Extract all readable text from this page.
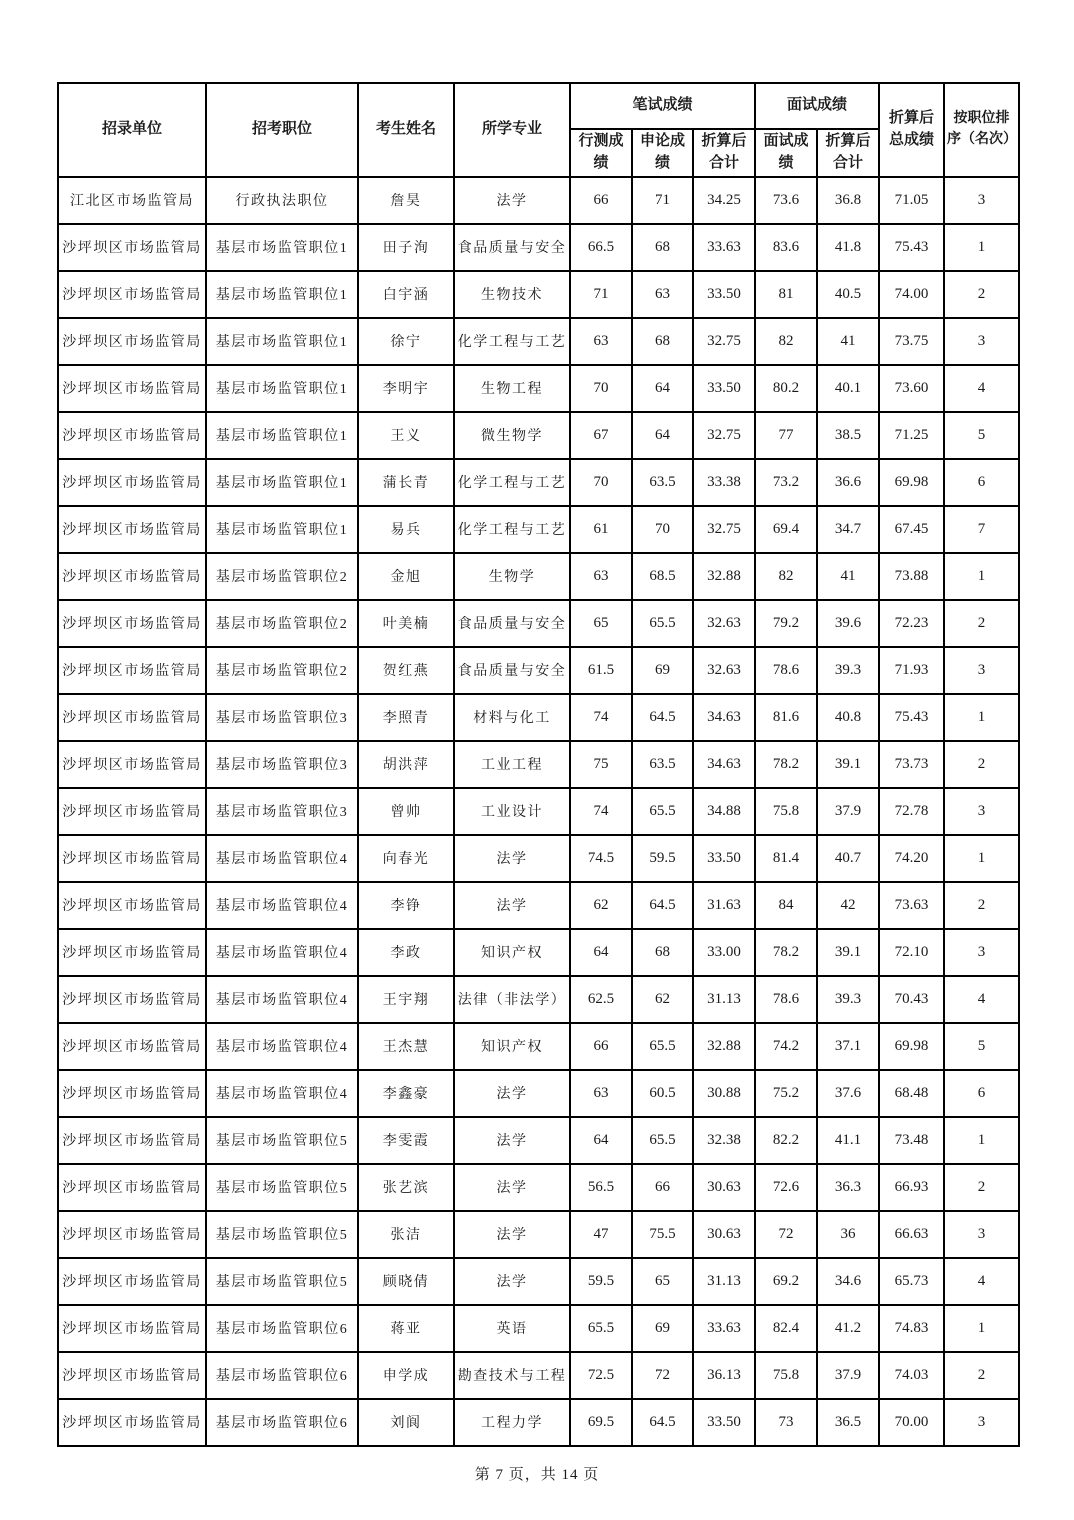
招录单位	招考职位	考生姓名	所学专业	笔试成绩			面试成绩		折算后总成绩	按职位排序（名次）
				行测成绩	申论成绩	折算后合计	面试成绩	折算后合计		
江北区市场监管局	行政执法职位	詹昊	法学	66	71	34.25	73.6	36.8	71.05	3
沙坪坝区市场监管局	基层市场监管职位1	田子洵	食品质量与安全	66.5	68	33.63	83.6	41.8	75.43	1
沙坪坝区市场监管局	基层市场监管职位1	白宇涵	生物技术	71	63	33.50	81	40.5	74.00	2
沙坪坝区市场监管局	基层市场监管职位1	徐宁	化学工程与工艺	63	68	32.75	82	41	73.75	3
沙坪坝区市场监管局	基层市场监管职位1	李明宇	生物工程	70	64	33.50	80.2	40.1	73.60	4
沙坪坝区市场监管局	基层市场监管职位1	王义	微生物学	67	64	32.75	77	38.5	71.25	5
沙坪坝区市场监管局	基层市场监管职位1	蒲长青	化学工程与工艺	70	63.5	33.38	73.2	36.6	69.98	6
沙坪坝区市场监管局	基层市场监管职位1	易兵	化学工程与工艺	61	70	32.75	69.4	34.7	67.45	7
沙坪坝区市场监管局	基层市场监管职位2	金旭	生物学	63	68.5	32.88	82	41	73.88	1
沙坪坝区市场监管局	基层市场监管职位2	叶美楠	食品质量与安全	65	65.5	32.63	79.2	39.6	72.23	2
沙坪坝区市场监管局	基层市场监管职位2	贺红燕	食品质量与安全	61.5	69	32.63	78.6	39.3	71.93	3
沙坪坝区市场监管局	基层市场监管职位3	李照青	材料与化工	74	64.5	34.63	81.6	40.8	75.43	1
沙坪坝区市场监管局	基层市场监管职位3	胡洪萍	工业工程	75	63.5	34.63	78.2	39.1	73.73	2
沙坪坝区市场监管局	基层市场监管职位3	曾帅	工业设计	74	65.5	34.88	75.8	37.9	72.78	3
沙坪坝区市场监管局	基层市场监管职位4	向春光	法学	74.5	59.5	33.50	81.4	40.7	74.20	1
沙坪坝区市场监管局	基层市场监管职位4	李铮	法学	62	64.5	31.63	84	42	73.63	2
沙坪坝区市场监管局	基层市场监管职位4	李政	知识产权	64	68	33.00	78.2	39.1	72.10	3
沙坪坝区市场监管局	基层市场监管职位4	王宇翔	法律（非法学）	62.5	62	31.13	78.6	39.3	70.43	4
沙坪坝区市场监管局	基层市场监管职位4	王杰慧	知识产权	66	65.5	32.88	74.2	37.1	69.98	5
沙坪坝区市场监管局	基层市场监管职位4	李鑫豪	法学	63	60.5	30.88	75.2	37.6	68.48	6
沙坪坝区市场监管局	基层市场监管职位5	李雯霞	法学	64	65.5	32.38	82.2	41.1	73.48	1
沙坪坝区市场监管局	基层市场监管职位5	张艺滨	法学	56.5	66	30.63	72.6	36.3	66.93	2
沙坪坝区市场监管局	基层市场监管职位5	张洁	法学	47	75.5	30.63	72	36	66.63	3
沙坪坝区市场监管局	基层市场监管职位5	顾晓倩	法学	59.5	65	31.13	69.2	34.6	65.73	4
沙坪坝区市场监管局	基层市场监管职位6	蒋亚	英语	65.5	69	33.63	82.4	41.2	74.83	1
沙坪坝区市场监管局	基层市场监管职位6	申学成	勘查技术与工程	72.5	72	36.13	75.8	37.9	74.03	2
沙坪坝区市场监管局	基层市场监管职位6	刘阆	工程力学	69.5	64.5	33.50	73	36.5	70.00	3
第 7 页，共 14 页
